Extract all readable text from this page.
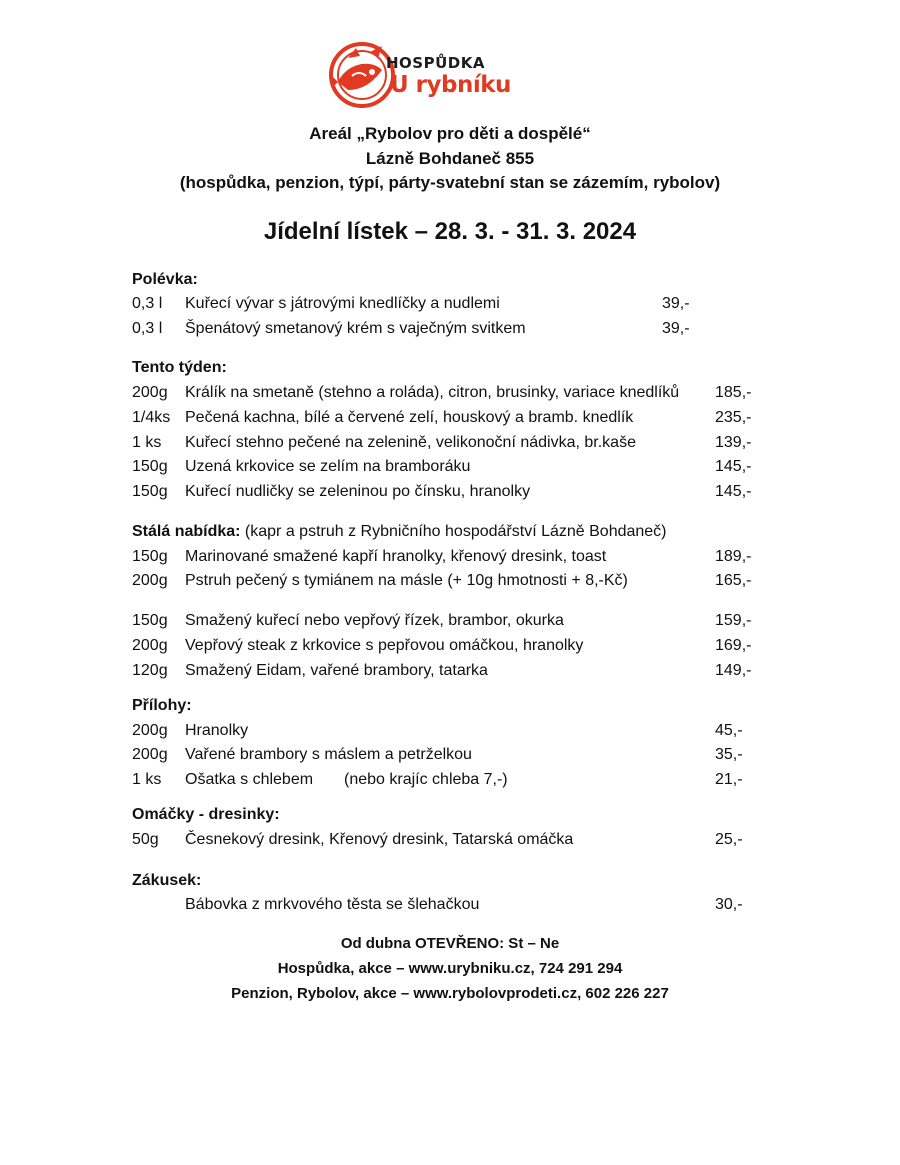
HOSPŮDKA
U rybníku
Areál „Rybolov pro děti a dospělé“
Lázně Bohdaneč 855
(hospůdka, penzion, týpí, párty-svatební stan se zázemím, rybolov)
Jídelní lístek – 28. 3. - 31. 3. 2024
Polévka:
0,3 l Kuřecí vývar s játrovými knedlíčky a nudlemi	39,-
0,3 l Špenátový smetanový krém s vaječným svitkem	39,-
Tento týden:
200g Králík na smetaně (stehno a roláda), citron, brusinky, variace knedlíků 185,-
1/4ks Pečená kachna, bílé a červené zelí, houskový a bramb. knedlík	235,-
1 ks Kuřecí stehno pečené na zelenině, velikonoční nádivka, br.kaše	139,-
150g Uzená krkovice se zelím na bramboráku	145,-
150g Kuřecí nudličky se zeleninou po čínsku, hranolky	145,-
Stálá nabídka: (kapr a pstruh z Rybničního hospodářství Lázně Bohdaneč)
150g Marinované smažené kapří hranolky, křenový dresink, toast	189,-
200g Pstruh pečený s tymiánem na másle (+ 10g hmotnosti + 8,-Kč)	165,-
150g Smažený kuřecí nebo vepřový řízek, brambor, okurka	159,-
200g Vepřový steak z krkovice s pepřovou omáčkou, hranolky	169,-
120g Smažený Eidam, vařené brambory, tatarka	149,-
Přílohy:
200g Hranolky	45,-
200g Vařené brambory s máslem a petrželkou	35,-
1 ks Ošatka s chlebem (nebo krajíc chleba 7,-)	21,-
Omáčky - dresinky:
50g Česnekový dresink, Křenový dresink, Tatarská omáčka	25,-
Zákusek:
Bábovka z mrkvového těsta se šlehačkou	30,-
Od dubna OTEVŘENO: St – Ne
Hospůdka, akce – www.urybniku.cz, 724 291 294
Penzion, Rybolov, akce – www.rybolovprodeti.cz, 602 226 227
